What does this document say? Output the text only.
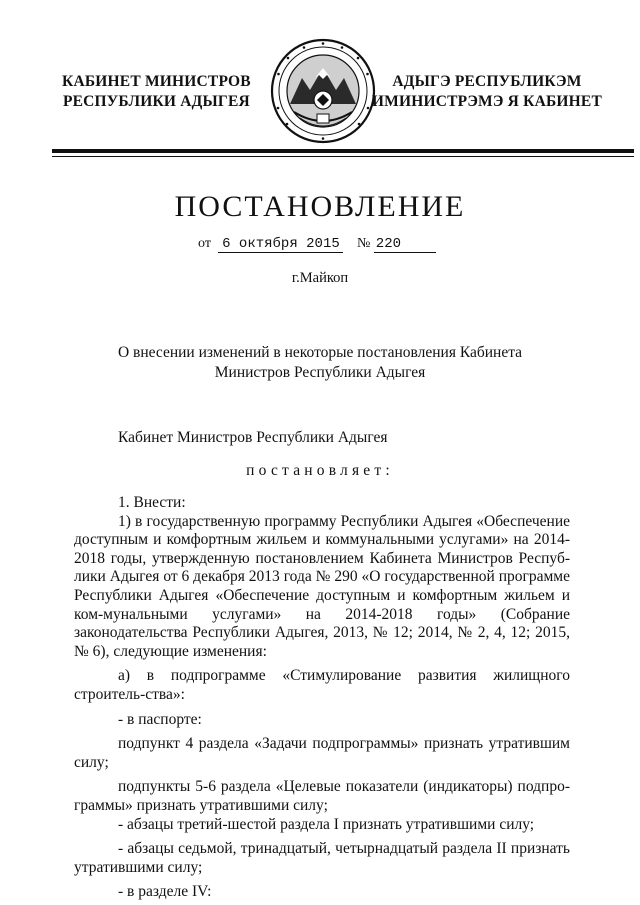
КАБИНЕТ МИНИСТРОВ
РЕСПУБЛИКИ АДЫГЕЯ
АДЫГЭ РЕСПУБЛИКЭМ
ИМИНИСТРЭМЭ Я КАБИНЕТ
ПОСТАНОВЛЕНИЕ
от 6 октября 2015 № 220
г.Майкоп
О внесении изменений в некоторые постановления Кабинета
Министров Республики Адыгея
Кабинет Министров Республики Адыгея
постановляет:
1. Внести:
1) в государственную программу Республики Адыгея «Обеспечение доступным и комфортным жильем и коммунальными услугами» на 2014-2018 годы, утвержденную постановлением Кабинета Министров Респуб-лики Адыгея от 6 декабря 2013 года № 290 «О государственной программе Республики Адыгея «Обеспечение доступным и комфортным жильем и ком-мунальными услугами» на 2014-2018 годы» (Собрание законодательства Республики Адыгея, 2013, № 12; 2014, № 2, 4, 12; 2015, № 6), следующие изменения:
а) в подпрограмме «Стимулирование развития жилищного строитель-ства»:
- в паспорте:
подпункт 4 раздела «Задачи подпрограммы» признать утратившим силу;
подпункты 5-6 раздела «Целевые показатели (индикаторы) подпро-граммы» признать утратившими силу;
- абзацы третий-шестой раздела I признать утратившими силу;
- абзацы седьмой, тринадцатый, четырнадцатый раздела II признать утратившими силу;
- в разделе IV:
